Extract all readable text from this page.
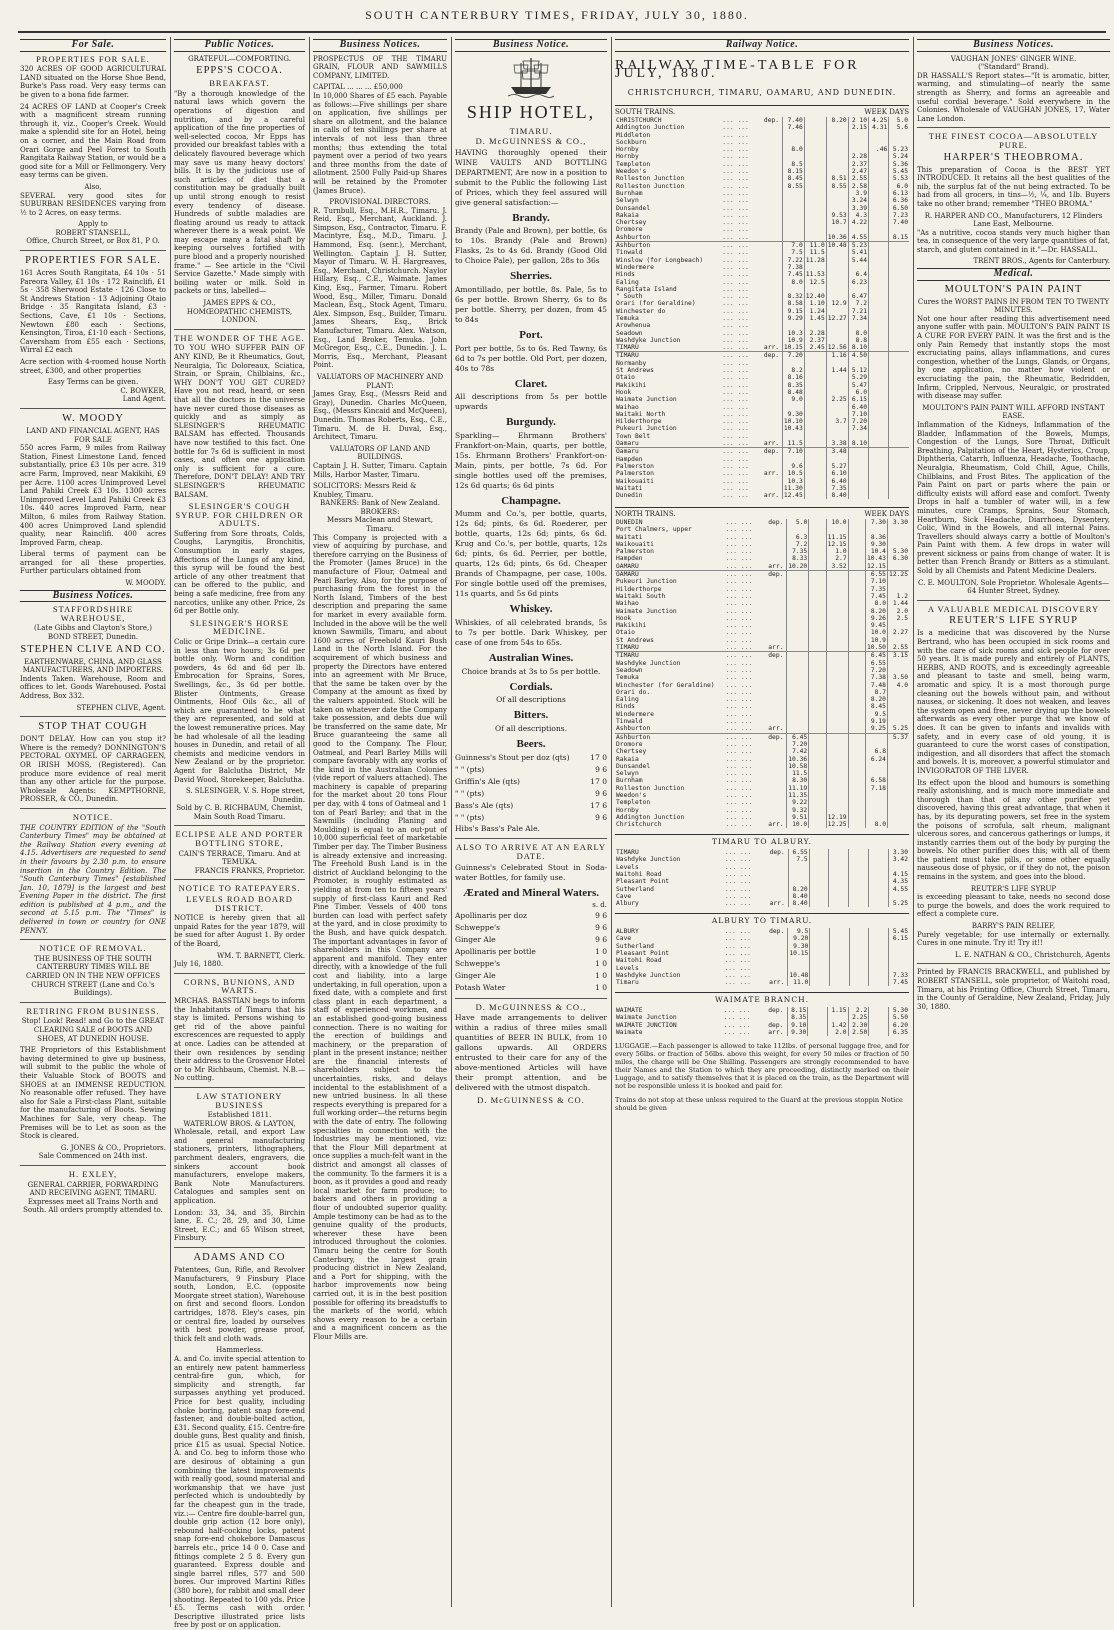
SOUTH CANTERBURY TIMES, FRIDAY, JULY 30, 1880.
For Sale.
PROPERTIES FOR SALE.

320 ACRES OF GOOD AGRICULTURAL LAND situated on the Horse Shoe Bend, Burke's Pass road. Very easy terms can be given to a bona fide farmer.

24 ACRES OF LAND at Cooper's Creek with a magnificent stream running through it, viz., Cooper's Creek. Would make a splendid site for an Hotel, being on a corner, and the Main Road from Orari Gorge and Peel Forest to South Rangitata Railway Station, or would be a good site for a Mill or Fellmongery. Very easy terms can be given.

Also,

SEVERAL very good sites for SUBURBAN RESIDENCES varying from ½ to 2 Acres, on easy terms.

Apply to
ROBERT STANSELL,
Office, Church Street, or Box 81, P O.
PROPERTIES FOR SALE.

161 Acres South Rangitata, £4 10s · 51 Pareora Valley, £1 10s · 172 Rainclifi, £1 5s · 358 Sherwood Estate · 126 Close to St Andrews Station · 13 Adjoining Otaio Bridge · 35 Rangitata Island, £3 · Sections, Cave, £1 10s · Sections, Newtown £80 each · Sections, Kensington, Tiroa, £1·10 each · Sections, Caversham from £55 each · Sections, Wirral £2 each

Acre section with 4-roomed house North street, £300, and other properties

Easy Terms can be given.
C. BOWKER,
Land Agent.
W. MOODY
LAND AND FINANCIAL AGENT, HAS FOR SALE

550 acres Farm, 9 miles from Railway Station, Finest Limestone Land, fenced substantially, price £3 10s per acre. 319 acre Farm, Improved, near Makikihi, £9 per Acre. 1100 acres Unimproved Level Land Pahiki Creek £3 10s. 1300 acres Unimproved Level Land Pahiki Creek £3 10s. 440 acres Improved Farm, near Milton, 6 miles from Railway Station. 400 acres Unimproved Land splendid quality, near Rainclifi. 400 acres Improved Farm, cheap.

Liberal terms of payment can be arranged for all these properties. Further particulars obtained from

W. MOODY.
Business Notices.
STAFFORDSHIRE WAREHOUSE,
(Late Gibbs and Clayton's Store,)
BOND STREET, Dunedin.
STEPHEN CLIVE AND CO.
EARTHENWARE, CHINA, AND GLASS MANUFACTURERS, AND IMPORTERS.

Indents Taken. Warehouse, Room and offices to let. Goods Warehoused. Postal Address, Box 332.

STEPHEN CLIVE, Agent.
STOP THAT COUGH

DON'T DELAY. How can you stop it? Where is the remedy? DONNINGTON'S PECTORAL OXYMEL OF CARRAGEEN, OR IRISH MOSS, (Registered). Can produce more evidence of real merit than any other article for the purpose. Wholesale Agents: KEMPTHORNE, PROSSER, & CO., Dunedin.

NOTICE.

THE COUNTRY EDITION of the "South Canterbury Times" may be obtained at the Railway Station every evening at 4.15. Advertisers are requested to send in their favours by 2.30 p.m. to ensure insertion in the Country Edition. The "South Canterbury Times" [established Jan. 10, 1879] is the largest and best Evening Paper in the district. The first edition is published at 4 p.m., and the second at 5.15 p.m. The "Times" is delivered in town or country for ONE PENNY.

NOTICE OF REMOVAL.

THE BUSINESS OF THE SOUTH CANTERBURY TIMES WILL BE CARRIED ON IN THE NEW OFFICES CHURCH STREET (Lane and Co.'s Buildings).

RETIRING FROM BUSINESS.

Stop! Look! Read! and Go to the GREAT CLEARING SALE of BOOTS AND SHOES, AT DUNEDIN HOUSE.

THE Proprietors of this Establishment having determined to give up business, will submit to the public the whole of their Valuable Stock of BOOTS and SHOES at an IMMENSE REDUCTION. No reasonable offer refused. They have also for Sale a First-class Plant, suitable for the manufacturing of Boots. Sewing Machines for Sale, very cheap. The Premises will be to Let as soon as the Stock is cleared.

G. JONES & CO., Proprietors.
Sale Commenced on 24th inst.
H. EXLEY,

GENERAL CARRIER, FORWARDING AND RECEIVING AGENT, TIMARU. Expresses meet all Trains North and South. All orders promptly attended to.

Public Notices.
GRATEFUL—COMFORTING.
EPPS'S COCOA.
BREAKFAST.

"By a thorough knowledge of the natural laws which govern the operations of digestion and nutrition, and by a careful application of the fine properties of well-selected cocoa, Mr Epps has provided our breakfast tables with a delicately flavoured beverage which may save us many heavy doctors' bills. It is by the judicious use of such articles of diet that a constitution may be gradually built up until strong enough to resist every tendency of disease. Hundreds of subtle maladies are floating around us ready to attack wherever there is a weak point. We may escape many a fatal shaft by keeping ourselves fortified with pure blood and a properly nourished frame." — See article in the "Civil Service Gazette." Made simply with boiling water or milk. Sold in packets or tins, labelled—

JAMES EPPS & CO., HOMŒOPATHIC CHEMISTS, LONDON.
THE WONDER OF THE AGE.

TO YOU WHO SUFFER PAIN OF ANY KIND, Be it Rheumatics, Gout, Neuralgia, Tic Doloreaux, Sciatica, Strain, or Sprain, Chilblains, &c., WHY DON'T YOU GET CURED? Have you not read, heard, or seen that all the doctors in the universe have never cured those diseases as quickly and as simply as SLESINGER'S RHEUMATIC BALSAM has effected. Thousands have now testified to this fact. One bottle for 7s 6d is sufficient in most cases, and often one application only is sufficient for a cure. Therefore, DON'T DELAY! AND TRY SLESINGER'S RHEUMATIC BALSAM.

SLESINGER'S COUGH SYRUP. FOR CHILDREN OR ADULTS.

Suffering from Sore throats, Colds, Coughs, Laryngitis, Bronchitis, Consumption in early stages, Affections of the Lungs of any kind, this syrup will be found the best article of any other treatment that can be offered to the public, and being a safe medicine, free from any narcotics, unlike any other. Price, 2s 6d per Bottle only.

SLESINGER'S HORSE MEDICINE.

Colic or Gripe Drink—a certain cure in less than two hours; 3s 6d per bottle only. Worm and condition powders, 4s 6d and 6d per lb. Embrocation for Sprains, Sores, Swellings, &c., 3s 6d per bottle. Blister Ointments, Grease Ointments, Hoof Oils &c., all of which are guaranteed to be what they are represented, and sold at the lowest remunerative prices. May be had wholesale of all the leading houses in Dunedin, and retail of all chemists and medicine vendors in New Zealand or by the proprietor. Agent for Balclutha District, Mr David Wood, Storekeeper, Balclutha.

S. SLESINGER, V. S. Hope street, Dunedin.
Sold by C. B. RICHBAUM, Chemist, Main South Road Timaru.
ECLIPSE ALE AND PORTER BOTTLING STORE,
CAIN'S TERRACE, Timaru. And at TEMUKA.
FRANCIS FRANKS, Proprietor.
NOTICE TO RATEPAYERS.
LEVELS ROAD BOARD DISTRICT.

NOTICE is hereby given that all unpaid Rates for the year 1879, will be sued for after August 1. By order of the Board,

WM. T. BARNETT, Clerk.
July 16, 1880.
CORNS, BUNIONS, AND WARTS.

MRCHAS. BASSTIAN begs to inform the Inhabitants of Timaru that his stay is limited. Persons wishing to get rid of the above painful excrescences are requested to apply at once. Ladies can be attended at their own residences by sending their address to the Grosvenor Hotel or to Mr Richbaum, Chemist. N.B.—No cutting.

LAW STATIONERY BUSINESS
Established 1811.
WATERLOW BROS. & LAYTON,

Wholesale, retail, and export Law and general manufacturing stationers, printers, lithographers, parchment dealers, engravers, die sinkers account book manufacturers, envelope makers, Bank Note Manufacturers. Catalogues and samples sent on application.

London: 33, 34, and 35, Birchin lane, E. C.; 28, 29, and 30, Lime Street, E.C.; and 65 Wilson street, Finsbury.

ADAMS AND CO

Patentees, Gun, Rifle, and Revolver Manufacturers, 9 Finsbury Place south, London, E.C. (opposite Moorgate street station), Warehouse on first and second floors. London cartridges, 1878. Eley's cases, pin or central fire, loaded by ourselves with best powder, grease proof, thick felt and cloth wads.

Hammerless.

A. and Co. invite special attention to an entirely new patent hammerless central-fire gun, which, for simplicity and strength, far surpasses anything yet produced. Price for best quality, including choke boring, patent snap fore-end fastener, and double-bolted action, £31. Second quality, £15. Centre-fire double guns, Best quality and finish, price £15 as usual. Special Notice. A. and Co. beg to inform those who are desirous of obtaining a gun combining the latest improvements with really good, sound material and workmanship that we have just perfected which is undoubtedly by far the cheapest gun in the trade, viz.:— Centre fire double-barrel gun, double grip action (12 bore only), rebound half-cocking locks, patent snap fore-end chokebore Damascus barrels etc., price 14 0 0. Case and fittings complete 2 5 8. Every gun guaranteed. Express double and single barrel rifles, 577 and 500 bores. Our improved Martini Rifles (380 bore), for rabbit and small deer shooting. Repeated to 100 yds. Price £5. Terms cash with order. Descriptive illustrated price lists free by post or on application.

Business Notices.

PROSPECTUS OF THE TIMARU GRAIN, FLOUR AND SAWMILLS COMPANY, LIMITED.

CAPITAL ... ... ... £50,000

In 10,000 Shares of £5 each. Payable as follows:—Five shillings per share on application, five shillings per share on allotment, and the balance in calls of ten shillings per share at intervals of not less than three months; thus extending the total payment over a period of two years and three months from the date of allotment. 2500 Fully Paid-up Shares will be retained by the Promoter (James Bruce).

PROVISIONAL DIRECTORS.

R. Turnbull, Esq., M.H.R., Timaru. J. Reid, Esq., Merchant, Auckland. J. Simpson, Esq., Contractor, Timaru. F. Macintyre, Esq., M.D., Timaru. J. Hammond, Esq. (senr.), Merchant, Wellington. Captain J. H. Sutter, Mayor of Timaru. W. H. Hargreaves, Esq., Merchant, Christchurch. Naylor Hillary, Esq., C.E., Waimate. James King, Esq., Farmer, Timaru. Robert Wood, Esq., Miller, Timaru. Donald Maclean, Esq., Stock Agent, Timaru. Alex. Simpson, Esq., Builder, Timaru. James Shears, Esq., Brick Manufacturer, Timaru. Alex. Watson, Esq., Land Broker, Temuka. John McGregor, Esq., C.E., Dunedin. J. L. Morris, Esq., Merchant, Pleasant Point.

VALUATORS OF MACHINERY AND PLANT:

James Gray, Esq., (Messrs Reid and Gray), Dunedin. Charles McQueen, Esq., (Messrs Kincaid and McQueen), Dunedin. Thomas Roberts, Esq., C.E., Timaru. M. de H. Duval, Esq., Architect, Timaru.

VALUATORS OF LAND AND BUILDINGS.

Captain J. H. Sutter, Timaru. Captain Mills, Harbor Master, Timaru.

SOLICITORS: Messrs Reid & Knubley, Timaru.
BANKERS: Bank of New Zealand.
BROKERS:
Messrs Maclean and Stewart, Timaru.

This Company is projected with a view of acquiring by purchase, and therefore carrying on the Business of the Promoter (James Bruce) in the manufacture of Flour, Oatmeal and Pearl Barley. Also, for the purpose of purchasing from the forest in the North Island, Timbers of the best description and preparing the same for market in every available form. Included in the above will be the well known Sawmills, Timaru, and about 1600 acres of Freehold Kauri Bush Land in the North Island. For the acquirement of which business and property the Directors have entered into an agreement with Mr Bruce, that the same be taken over by the Company at the amount as fixed by the valuers appointed. Stock will be taken on whatever date the Company take possession, and debts due will be transferred on the same date, Mr Bruce guaranteeing the same all good to the Company. The Flour, Oatmeal, and Pearl Barley Mills will compare favorably with any works of the kind in the Australian Colonies (vide report of valuers attached). The machinery is capable of preparing for the market about 20 tons Flour per day, with 4 tons of Oatmeal and 1 ton of Pearl Barley; and that in the Sawmills (including Planing and Moulding) is equal to an out-put of 10,000 superficial feet of marketable Timber per day. The Timber Business is already extensive and increasing. The Freehold Bush Land is in the district of Auckland belonging to the Promoter, is roughly estimated as yielding at from ten to fifteen years' supply of first-class Kauri and Red Pine Timber. Vessels of 400 tons burden can load with perfect safety at the yard, and in close proximity to the Bush, and have quick despatch. The important advantages in favor of shareholders in this Company are apparent and manifold. They enter directly, with a knowledge of the full cost and liability, into a large undertaking, in full operation, upon a fixed date, with a complete and first class plant in each department, a staff of experienced workmen, and an established good-going business connection. There is no waiting for the erection of buildings and machinery, or the preparation of plant in the present instance; neither are the financial interests of shareholders subject to the uncertainties, risks, and delays incidental to the establishment of a new untried business. In all these respects everything is prepared for a full working order—the returns begin with the date of entry. The following specialties in connection with the Industries may be mentioned, viz: that the Flour Mill department at once supplies a much-felt want in the district and amongst all classes of the community. To the farmers it is a boon, as it provides a good and ready local market for farm produce; to bakers and others in providing a flour of undoubted superior quality. Ample testimony can be had as to the genuine quality of the products, wherever these have been introduced throughout the colonies. Timaru being the centre for South Canterbury, the largest grain producing district in New Zealand, and a Port for shipping, with the harbor improvements now being carried out, it is in the best position possible for offering its breadstuffs to the markets of the world, which shows every reason to be a certain and a magnificent concern as the Flour Mills are.

Business Notice.
SHIP HOTEL,
TIMARU.
D. McGUINNESS & CO.,

HAVING thoroughly opened their WINE VAULTS AND BOTTLING DEPARTMENT, Are now in a position to submit to the Public the following List of Prices, which they feel assured will give general satisfaction:—

Brandy.

Brandy (Pale and Brown), per bottle, 6s to 10s. Brandy (Pale and Brown) Flasks, 2s to 4s 6d. Brandy (Good Old to Choice Pale), per gallon, 28s to 36s

Sherries.

Amontillado, per bottle, 8s. Pale, 5s to 6s per bottle. Brown Sherry, 6s to 8s per bottle. Sherry, per dozen, from 45 to 84s

Port.

Port per bottle, 5s to 6s. Red Tawny, 6s 6d to 7s per bottle. Old Port, per dozen, 40s to 78s

Claret.

All descriptions from 5s per bottle upwards

Burgundy.

Sparkling— Ehrmann Brothers' Frankfort-on-Main, quarts, per bottle, 15s. Ehrmann Brothers' Frankfort-on-Main, pints, per bottle, 7s 6d. For single bottles used off the premises, 12s 6d quarts; 6s 6d pints

Champagne.

Mumm and Co.'s, per bottle, quarts, 12s 6d; pints, 6s 6d. Roederer, per bottle, quarts, 12s 6d; pints, 6s 6d. Krug and Co.'s, per bottle, quarts, 12s 6d; pints, 6s 6d. Perrier, per bottle, quarts, 12s 6d; pints, 6s 6d. Cheaper Brands of Champagne, per case, 100s. For single bottle used off the premises, 11s quarts, and 5s 6d pints

Whiskey.

Whiskies, of all celebrated brands, 5s to 7s per bottle. Dark Whiskey, per case of one from 54s to 65s.

Australian Wines.

Choice brands at 3s to 5s per bottle.

Cordials.

Of all descriptions

Bitters.

Of all descriptions.

Beers.
Guinness's Stout per doz (qts)	17 0
" " (pts)	9 6
Griffin's Ale (qts)	17 0
" " (pts)	9 6
Bass's Ale (qts)	17 6
" " (pts)	9 6

Hibs's Bass's Pale Ale.

ALSO TO ARRIVE AT AN EARLY DATE.

Guinness's Celebrated Stout in Soda-water Bottles, for family use.

Ærated and Mineral Waters.
s. d.
Apollinaris per doz	9 6
Schweppe's	9 6
Ginger Ale	9 6
Apollinaris per bottle	1 0
Schweppe's	1 0
Ginger Ale	1 0
Potash Water	1 0
D. McGUINNESS & CO.,

Have made arrangements to deliver within a radius of three miles small quantities of BEER IN BULK, from 10 gallons upwards. All ORDERS entrusted to their care for any of the above-mentioned Articles will have their prompt attention, and be delivered with the utmost dispatch.

D. McGUINNESS & CO.
Railway Notice.
RAILWAY TIME-TABLE FOR JULY, 1880.
CHRISTCHURCH, TIMARU, OAMARU, AND DUNEDIN.
SOUTH TRAINS.	WEEK DAYS
CHRISTCHURCH	... ...	dep.	7.40		8.20	2 10	4.25	5.0
Addington Junction	... ...		7.46			2.15	4.31	5.6
Middleton	... ...							
Sockburn	... ...							
Hornby	... ...		8.0				.46	5.23
Hornby	... ...					2.28		5.24
Templeton	... ...		8.5			2.37		5.36
Weedon's	... ...		8.15			2.47		5.45
Rolleston Junction	... ...		8.45		8.51	2.55		5.53
Rolleston Junction	... ...		8.55		8.55	2.58		6.0
Burnham	... ...					3.9		6.13
Selwyn	... ...					3.24		6.36
Dunsandel	... ...					3.39		6.50
Rakaia	... ...				9.53	4.3		7.23
Chertsey	... ...				10.7	4.22		7.40
Dromore	... ...							
Ashburton	... ...				10.36	4.55		8.15
Ashburton	... ...		7.0	11.0	10.48	5.23		
Tinwald	... ...		7.5	11.5		5.41		
Winslow (for Longbeach)	... ...		7.22	11.28		5.44		
Windermere	... ...		7.38					
Hinds	... ...		7.45	11.53		6.4		
Ealing	... ...		8.0	12.5		6.23		
Rangitata Island	... ...							
" South	... ...		8.32	12.40		6.47		
Orari (for Geraldine)	... ...		8.58	1.10	12.9	7.2		
Winchester do	... ...		9.15	1.24		7.21		
Temuka	... ...		9.29	1.45	12.27	7.34		
Arowhenua	... ...							
Seadown	... ...		10.3	2.28		8.0		
Washdyke Junction	... ...		10.9	2.37		8.8		
TIMARU	... ...	arr.	10.15	2.45	12.56	8.10		
TIMARU	... ...	dep.	7.20		1.16	4.50		
Normanby	... ...							
St Andrews	... ...		8.2		1.44	5.12		
Otaio	... ...		8.16			5.29		
Makikihi	... ...		8.35			5.47		
Hook	... ...		8.48			6.0		
Waimate Junction	... ...		9.0		2.25	6.15		
Waihao	... ...					6.40		
Waitaki North	... ...		9.30			7.10		
Hilderthorpe	... ...		10.10		3.7	7.20		
Pukeuri Junction	... ...		10.43			7.34		
Town Belt	... ...							
Oamaru	... ...	arr.	11.5		3.38	8.10		
Oamaru	... ...	dep.	7.10		3.48			
Hampden	... ...							
Palmerston	... ...		9.6		5.27			
Palmerston	... ...	arr.	10.5		6.10			
Waikouaiti	... ...		10.3		6.40			
Waitati	... ...		11.30		7.35			
Dunedin	... ...	arr.	12.45		8.40			
NORTH TRAINS.	WEEK DAYS
DUNEDIN	... ...	dep.	5.0		10.0		7.30	3.30
Port Chalmers, upper	... ...							
Waitati	... ...		6.3		11.15		8.36	
Waikouaiti	... ...		7.2		12.15		9.30	
Palmerston	... ...		7.35		1.0		10.4	5.30
Hampden	... ...		8.33		2.7		10.43	6.30
OAMARU	... ...	arr.	10.20		3.52		12.15	
OAMARU	... ...	dep.					6.55	12.25
Pukeuri Junction	... ...						7.10	
Hilderthorpe	... ...						7.35	
Waitaki South	... ...						7.45	1.2
Waihao	... ...						8.0	1.44
Waimate Junction	... ...						8.20	2.0
Hook	... ...						9.26	2.5
Makikihi	... ...						9.45	
Otaio	... ...						10.0	2.27
St Andrews	... ...						10.9	
TIMARU	... ...	arr.					10.50	2.55
TIMARU	... ...	dep.					6.45	3.15
Washdyke Junction	... ...						6.55	
Seadown	... ...						7.20	
Temuka	... ...						7.38	3.50
Winchester (for Geraldine)	... ...						7.48	4.0
Orari do.	... ...						8.7	
Ealing	... ...						8.20	
Hinds	... ...						8.45	
Windermere	... ...						9.5	
Tinwald	... ...						9.19	
Ashburton	... ...	arr.					9.25	5.25
Ashburton	... ...	dep.	6.45					5.37
Dromore	... ...		7.20					
Chertsey	... ...		7.42				6.8	
Rakaia	... ...		10.36				6.24	
Dunsandel	... ...		10.58					
Selwyn	... ...		11.5					
Burnham	... ...		8.30				6.58	
Rolleston Junction	... ...		11.19				7.18	
Weedon's	... ...		11.35					
Templeton	... ...		9.22					
Hornby	... ...		9.32					
Addington Junction	... ...		9.51		12.19			
Christchurch	... ...	arr.	10.0		12.25		8.0	
TIMARU TO ALBURY.
TIMARU	... ...	dep.	6.55					3.30
Washdyke Junction	... ...		7.5					3.42
Levels	... ...							
Waitohi Road	... ...							4.15
Pleasant Point	... ...							4.35
Sutherland	... ...		8.20					4.55
Cave	... ...		8.40					
Albury	... ...	arr.	8.40					5.25
ALBURY TO TIMARU.
ALBURY	... ...	dep.	9.5					5.45
Cave	... ...		9.20					6.15
Sutherland	... ...		9.30					
Pleasant Point	... ...		10.15					
Waitohi Road	... ...							
Levels	... ...							
Washdyke Junction	... ...		10.48					7.33
Timaru	... ...	arr.	11.0					7.45
WAIMATE BRANCH.
WAIMATE	... ...	dep.	8.15		1.15	2.2		5.30
Waimate Junction	... ...		8.35			2.25		5.50
WAIMATE JUNCTION	... ...	dep.	9.10		1.42	2.30		6.20
Waimate	... ...	arr.	9.30		2.0	2.50		6.35

LUGGAGE.—Each passenger is allowed to take 112lbs. of personal luggage free, and for every 56lbs. or fraction of 56lbs. above this weight, for every 50 miles or fraction of 50 miles, the charge will be One Shilling. Passengers are strongly recommended to have their Names and the Station to which they are proceeding, distinctly marked on their Luggage, and to satisfy themselves that it is placed on the train, as the Department will not be responsible unless it is booked and paid for.

Trains do not stop at these unless required to the Guard at the previous stoppin Notice should be given
Business Notices.
VAUGHAN JONES' GINGER WINE.
("Standard" Brand).

DR HASSALL'S Report states—"It is aromatic, bitter, warming, and stimulating—of nearly the same strength as Sherry, and forms an agreeable and useful cordial beverage." Sold everywhere in the Colonies. Wholesale of VAUGHAN JONES, 17, Water Lane London.

THE FINEST COCOA—ABSOLUTELY PURE.
HARPER'S THEOBROMA.

This preparation of Cocoa is the BEST YET INTRODUCED. It retains all the best qualities of the nib, the surplus fat of the nut being extracted. To be had from all grocers, in tins—½, ¼, and 1lb. Buyers take no other brand; remember "THEO BROMA."

R. HARPER AND CO., Manufacturers, 12 Flinders Lane East, Melbourne.

"As a nutritive, cocoa stands very much higher than tea, in consequence of the very large quantities of fat, starch, and gluten contained in it."—Dr. HASSALL.

TRENT BROS., Agents for Canterbury.
Medical.
MOULTON'S PAIN PAINT
Cures the WORST PAINS IN FROM TEN TO TWENTY MINUTES.

Not one hour after reading this advertisement need anyone suffer with pain. MOULTON'S PAIN PAINT IS A CURE FOR EVERY PAIN. It was the first and is the only Pain Remedy that instantly stops the most excruciating pains, allays inflammations, and cures congestion, whether of the Lungs, Glands, or Organs, by one application, no matter how violent or excruciating the pain, the Rheumatic, Bedridden, Infirm, Crippled, Nervous, Neuralgic, or prostrated with disease may suffer.

MOULTON'S PAIN PAINT WILL AFFORD INSTANT EASE.

Inflammation of the Kidneys, Inflammation of the Bladder, Inflammation of the Bowels, Mumps, Congestion of the Lungs, Sore Throat, Difficult Breathing, Palpitation of the Heart, Hysterics, Croup, Diphtheria, Catarrh, Influenza, Headache, Toothache, Neuralgia, Rheumatism, Cold Chill, Ague, Chills, Chilblains, and Frost Bites. The application of the Pain Paint on part or parts where the pain or difficulty exists will afford ease and comfort. Twenty Drops in half a tumbler of water will, in a few minutes, cure Cramps, Sprains, Sour Stomach, Heartburn, Sick Headache, Diarrhoea, Dysentery, Colic, Wind in the Bowels, and all internal Pains. Travellers should always carry a bottle of Moulton's Pain Paint with them. A few drops in water will prevent sickness or pains from change of water. It is better than French Brandy or Bitters as a stimulant. Sold by all Chemists and Patent Medicine Dealers.

C. E. MOULTON, Sole Proprietor. Wholesale Agents—64 Hunter Street, Sydney.
A VALUABLE MEDICAL DISCOVERY
REUTER'S LIFE SYRUP

Is a medicine that was discovered by the Nurse Bertrand, who has been occupied in sick rooms and with the care of sick rooms and sick people for over 50 years. It is made purely and entirely of PLANTS, HERBS, AND ROOTS, and is exceedingly agreeable and pleasant to taste and smell, being warm, aromatic and spicy. It is a most thorough purge cleaning out the bowels without pain, and without nausea, or sickening. It does not weaken, and leaves the system open and free, never drying up the bowels afterwards as every other purge that we know of does. It can be given to infants and invalids with safety, and in every case of old young, it is guaranteed to cure the worst cases of constipation, indigestion, and all disorders that affect the stomach and bowels. It is, moreover, a powerful stimulator and INVIGORATOR OF THE LIVER.

Its effect upon the blood and humours is something really astonishing, and is much more immediate and thorough than that of any other purifier yet discovered, having this great advantage, that when it has, by its depurating powers, set free in the system the poisons of scrofula, salt rheum, malignant ulcerous sores, and cancerous gatherings or lumps, it instantly carries them out of the body by purging the bowels. No other purifier does this; with all of them the patient must take pills, or some other equally nauseous dose of physic, or if they do not, the poison remains in the system, and goes into the blood.

REUTER'S LIFE SYRUP

is exceeding pleasant to take, needs no second dose to purge the bowels, and does the work required to effect a complete cure.

BARRY'S PAIN RELIEF,

Purely vegetable; for use internally or externally. Cures in one minute. Try it! Try it!!

L. E. NATHAN & CO., Christchurch, Agents

Printed by FRANCIS BRACKWELL, and published by ROBERT STANSELL, sole proprietor, of Waitohi road, Timaru, at his Printing Office, Church Street, Timaru, in the County of Geraldine, New Zealand, Friday, July 30, 1880.
